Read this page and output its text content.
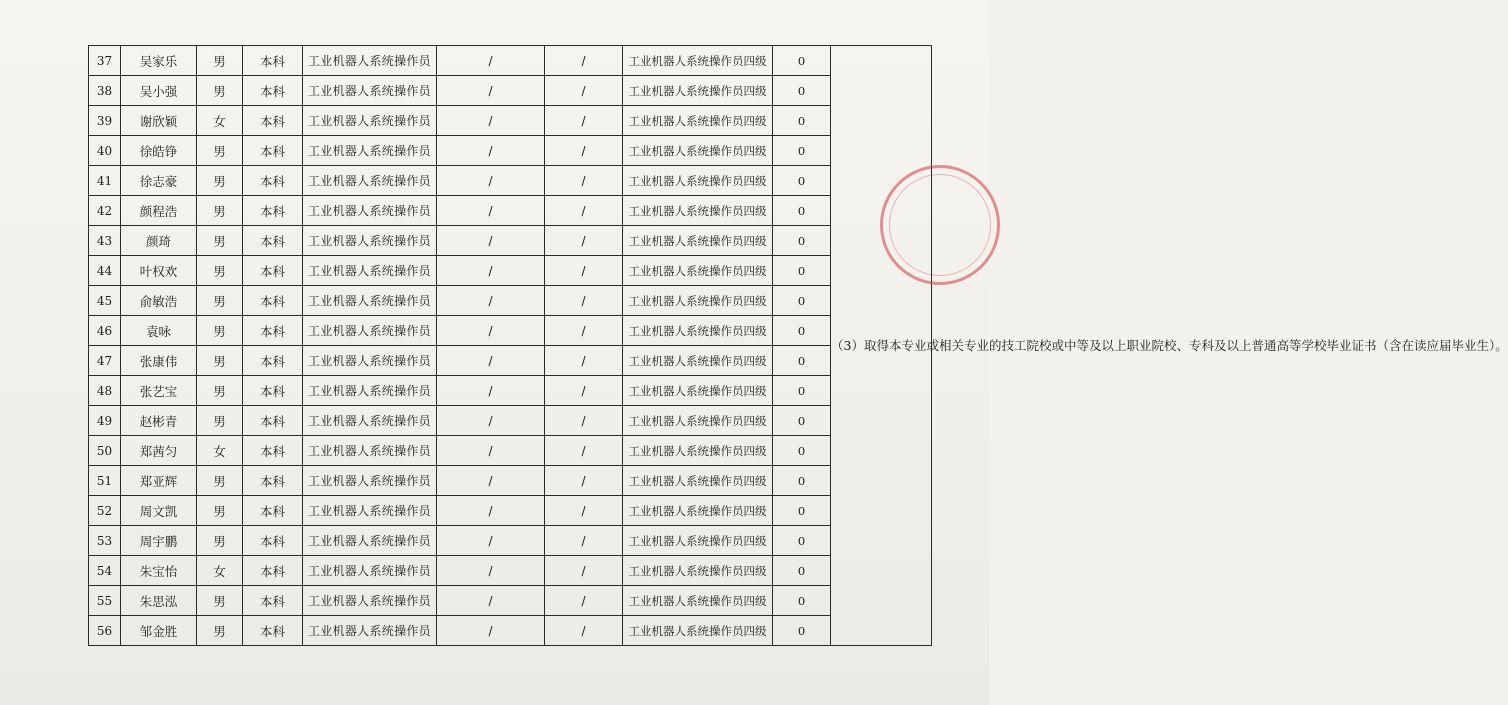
37	吴家乐	男	本科	工业机器人系统操作员	/	/	工业机器人系统操作员四级	0	（3）取得本专业或相关专业的技工院校或中等及以上职业院校、专科及以上普通高等学校毕业证书（含在读应届毕业生）。
38	吴小强	男	本科	工业机器人系统操作员	/	/	工业机器人系统操作员四级	0	
39	谢欣颖	女	本科	工业机器人系统操作员	/	/	工业机器人系统操作员四级	0	
40	徐皓铮	男	本科	工业机器人系统操作员	/	/	工业机器人系统操作员四级	0	
41	徐志豪	男	本科	工业机器人系统操作员	/	/	工业机器人系统操作员四级	0	
42	颜程浩	男	本科	工业机器人系统操作员	/	/	工业机器人系统操作员四级	0	
43	颜琦	男	本科	工业机器人系统操作员	/	/	工业机器人系统操作员四级	0	
44	叶权欢	男	本科	工业机器人系统操作员	/	/	工业机器人系统操作员四级	0	
45	俞敏浩	男	本科	工业机器人系统操作员	/	/	工业机器人系统操作员四级	0	
46	袁咏	男	本科	工业机器人系统操作员	/	/	工业机器人系统操作员四级	0	
47	张康伟	男	本科	工业机器人系统操作员	/	/	工业机器人系统操作员四级	0	
48	张艺宝	男	本科	工业机器人系统操作员	/	/	工业机器人系统操作员四级	0	
49	赵彬青	男	本科	工业机器人系统操作员	/	/	工业机器人系统操作员四级	0	
50	郑茜匀	女	本科	工业机器人系统操作员	/	/	工业机器人系统操作员四级	0	
51	郑亚辉	男	本科	工业机器人系统操作员	/	/	工业机器人系统操作员四级	0	
52	周文凯	男	本科	工业机器人系统操作员	/	/	工业机器人系统操作员四级	0	
53	周宇鹏	男	本科	工业机器人系统操作员	/	/	工业机器人系统操作员四级	0	
54	朱宝怡	女	本科	工业机器人系统操作员	/	/	工业机器人系统操作员四级	0	
55	朱思泓	男	本科	工业机器人系统操作员	/	/	工业机器人系统操作员四级	0	
56	邹金胜	男	本科	工业机器人系统操作员	/	/	工业机器人系统操作员四级	0	
